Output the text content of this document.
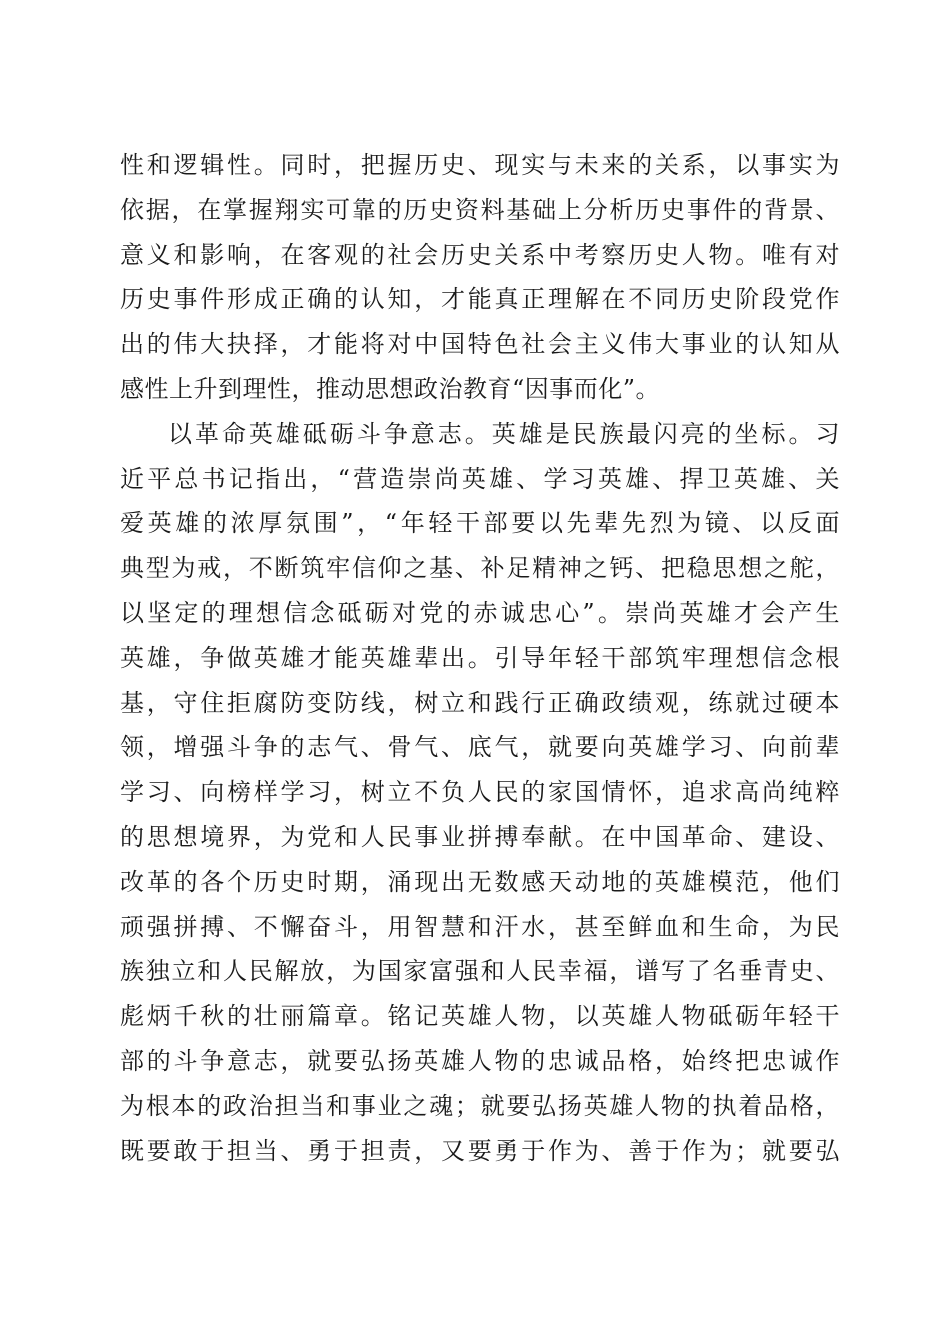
性和逻辑性。同时，把握历史、现实与未来的关系，以事实为
依据，在掌握翔实可靠的历史资料基础上分析历史事件的背景、
意义和影响，在客观的社会历史关系中考察历史人物。唯有对
历史事件形成正确的认知，才能真正理解在不同历史阶段党作
出的伟大抉择，才能将对中国特色社会主义伟大事业的认知从
感性上升到理性，推动思想政治教育“因事而化”。
以革命英雄砥砺斗争意志。英雄是民族最闪亮的坐标。习
近平总书记指出，“营造崇尚英雄、学习英雄、捍卫英雄、关
爱英雄的浓厚氛围”，“年轻干部要以先辈先烈为镜、以反面
典型为戒，不断筑牢信仰之基、补足精神之钙、把稳思想之舵，
以坚定的理想信念砥砺对党的赤诚忠心”。崇尚英雄才会产生
英雄，争做英雄才能英雄辈出。引导年轻干部筑牢理想信念根
基，守住拒腐防变防线，树立和践行正确政绩观，练就过硬本
领，增强斗争的志气、骨气、底气，就要向英雄学习、向前辈
学习、向榜样学习，树立不负人民的家国情怀，追求高尚纯粹
的思想境界，为党和人民事业拼搏奉献。在中国革命、建设、
改革的各个历史时期，涌现出无数感天动地的英雄模范，他们
顽强拼搏、不懈奋斗，用智慧和汗水，甚至鲜血和生命，为民
族独立和人民解放，为国家富强和人民幸福，谱写了名垂青史、
彪炳千秋的壮丽篇章。铭记英雄人物，以英雄人物砥砺年轻干
部的斗争意志，就要弘扬英雄人物的忠诚品格，始终把忠诚作
为根本的政治担当和事业之魂；就要弘扬英雄人物的执着品格，
既要敢于担当、勇于担责，又要勇于作为、善于作为；就要弘
